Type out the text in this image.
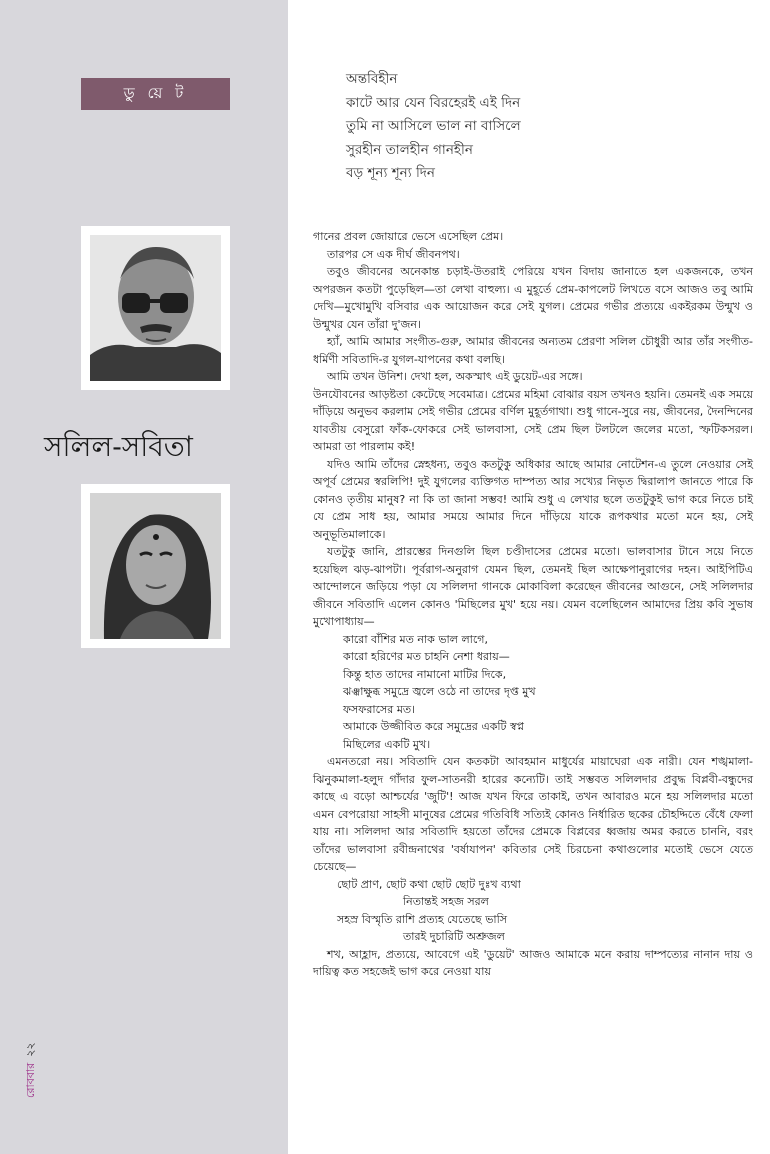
ডু য়ে ট
সলিল-সবিতা
রোববার২২
অন্তবিহীন
কাটে আর যেন বিরহেরই এই দিন
তুমি না আসিলে ভাল না বাসিলে
সুরহীন তালহীন গানহীন
বড় শূন্য শূন্য দিন

গানের প্রবল জোয়ারে ভেসে এসেছিল প্রেম।

তারপর সে এক দীর্ঘ জীবনপথ।

তবুও জীবনের অনেকান্ত চড়াই-উতরাই পেরিয়ে যখন বিদায় জানাতে হল একজনকে, তখন অপরজন কতটা পুড়েছিল—তা লেখা বাহুল্য। এ মুহূর্তে প্রেম-কাপলেট লিখতে বসে আজও তবু আমি দেখি—মুখোমুখি বসিবার এক আয়োজন করে সেই যুগল। প্রেমের গভীর প্রত্যয়ে একইরকম উন্মুখ ও উন্মুখর যেন তাঁরা দু'জন।

হ্যাঁ, আমি আমার সংগীত-গুরু, আমার জীবনের অন্যতম প্রেরণা সলিল চৌধুরী আর তাঁর সংগীত-ধর্মিণী সবিতাদি-র যুগল-যাপনের কথা বলছি।

আমি তখন উনিশ। দেখা হল, অকস্মাৎ এই ডুয়েট-এর সঙ্গে।

উনযৌবনের আড়ষ্টতা কেটেছে সবেমাত্র। প্রেমের মহিমা বোঝার বয়স তখনও হয়নি। তেমনই এক সময়ে দাঁড়িয়ে অনুভব করলাম সেই গভীর প্রেমের বর্ণিল মুহূর্তগাথা। শুধু গানে-সুরে নয়, জীবনের, দৈনন্দিনের যাবতীয় বেসুরো ফাঁক-ফোকরে সেই ভালবাসা, সেই প্রেম ছিল টলটলে জলের মতো, স্ফটিকসরল। আমরা তা পারলাম কই!

যদিও আমি তাঁদের স্নেহধন্য, তবুও কতটুকু অধিকার আছে আমার নোটেশন-এ তুলে নেওয়ার সেই অপূর্ব প্রেমের স্বরলিপি! দুই যুগলের ব্যক্তিগত দাম্পত্য আর সখ্যের নিভৃত দ্বিরালাপ জানতে পারে কি কোনও তৃতীয় মানুষ? না কি তা জানা সম্ভব! আমি শুধু এ লেখার ছলে ততটুকুই ভাগ করে নিতে চাই যে প্রেম সাধ হয়, আমার সময়ে আমার দিনে দাঁড়িয়ে যাকে রূপকথার মতো মনে হয়, সেই অনুভূতিমালাকে।

যতটুকু জানি, প্রারম্ভের দিনগুলি ছিল চণ্ডীদাসের প্রেমের মতো। ভালবাসার টানে সয়ে নিতে হয়েছিল ঝড়-ঝাপটা। পূর্বরাগ-অনুরাগ যেমন ছিল, তেমনই ছিল আক্ষেপানুরাগের দহন। আইপিটিএ আন্দোলনে জড়িয়ে পড়া যে সলিলদা গানকে মোকাবিলা করেছেন জীবনের আগুনে, সেই সলিলদার জীবনে সবিতাদি এলেন কোনও 'মিছিলের মুখ' হয়ে নয়। যেমন বলেছিলেন আমাদের প্রিয় কবি সুভাষ মুখোপাধ্যায়—

কারো বাঁশির মত নাক ভাল লাগে,
কারো হরিণের মত চাহনি নেশা ধরায়—
কিন্তু হাত তাদের নামানো মাটির দিকে,
ঝঞ্ঝাক্ষুব্ধ সমুদ্রে জ্বলে ওঠে না তাদের দৃপ্ত মুখ
ফসফরাসের মত।
আমাকে উজ্জীবিত করে সমুদ্রের একটি স্বপ্ন
মিছিলের একটি মুখ।

এমনতরো নয়। সবিতাদি যেন কতকটা আবহমান মাধুর্যের মায়াঘেরা এক নারী। যেন শঙ্খমালা-ঝিনুকমালা-হলুদ গাঁদার ফুল-সাতনরী হারের কন্যেটি। তাই সম্ভবত সলিলদার প্রবুদ্ধ বিপ্লবী-বন্ধুদের কাছে এ বড়ো আশ্চর্যের 'জুটি'! আজ যখন ফিরে তাকাই, তখন আবারও মনে হয় সলিলদার মতো এমন বেপরোয়া সাহসী মানুষের প্রেমের গতিবিধি সত্যিই কোনও নির্ধারিত ছকের চৌহদ্দিতে বেঁধে ফেলা যায় না। সলিলদা আর সবিতাদি হয়তো তাঁদের প্রেমকে বিপ্লবের ধ্বজায় অমর করতে চাননি, বরং তাঁদের ভালবাসা রবীন্দ্রনাথের 'বর্ষাযাপন' কবিতার সেই চিরচেনা কথাগুলোর মতোই ভেসে যেতে চেয়েছে—

ছোট প্রাণ, ছোট কথা ছোট ছোট দুঃখ ব্যথা
নিতান্তই সহজ সরল
সহস্র বিস্মৃতি রাশি প্রত্যহ যেতেছে ভাসি
তারই দুচারিটি অশ্রুজল

শখ, আহ্লাদ, প্রত্যয়ে, আবেগে এই 'ডুয়েট' আজও আমাকে মনে করায় দাম্পত্যের নানান দায় ও দায়িত্ব কত সহজেই ভাগ করে নেওয়া যায়
